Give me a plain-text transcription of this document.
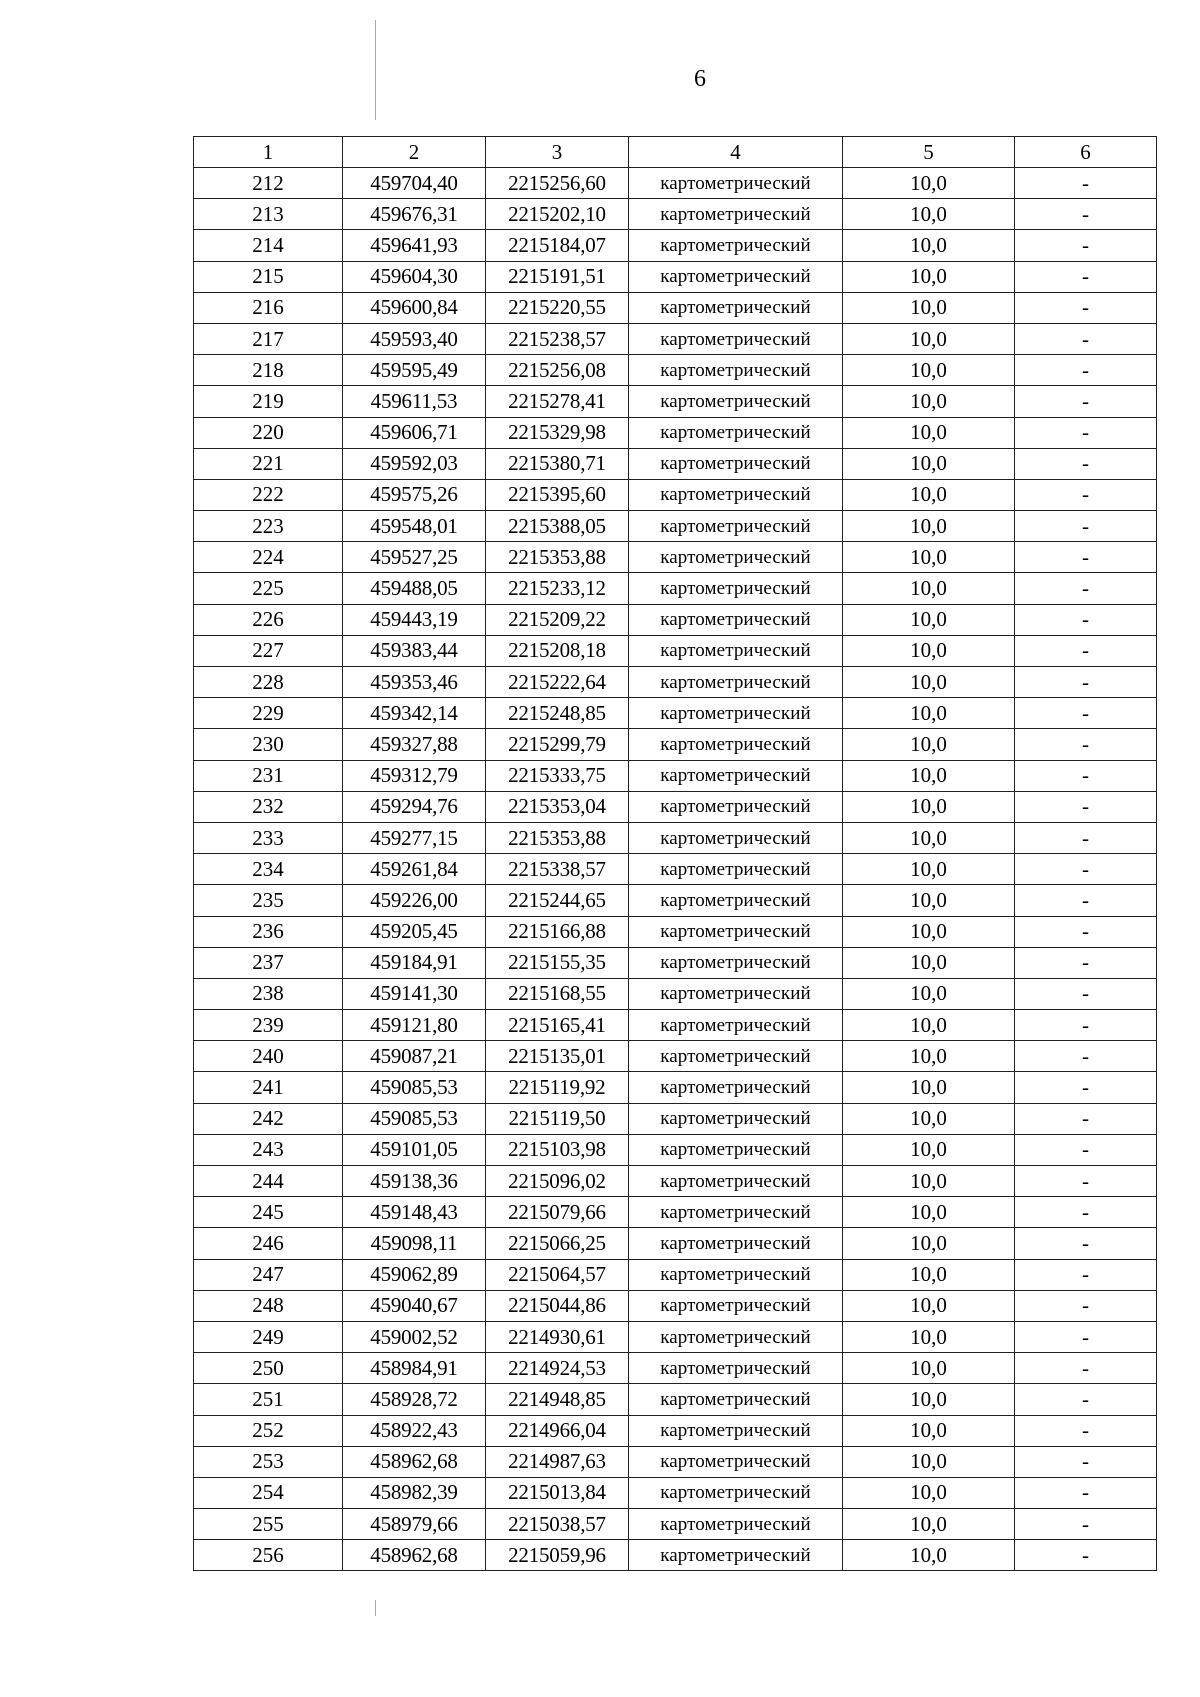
6
1	2	3	4	5	6
212	459704,40	2215256,60	картометрический	10,0	-
213	459676,31	2215202,10	картометрический	10,0	-
214	459641,93	2215184,07	картометрический	10,0	-
215	459604,30	2215191,51	картометрический	10,0	-
216	459600,84	2215220,55	картометрический	10,0	-
217	459593,40	2215238,57	картометрический	10,0	-
218	459595,49	2215256,08	картометрический	10,0	-
219	459611,53	2215278,41	картометрический	10,0	-
220	459606,71	2215329,98	картометрический	10,0	-
221	459592,03	2215380,71	картометрический	10,0	-
222	459575,26	2215395,60	картометрический	10,0	-
223	459548,01	2215388,05	картометрический	10,0	-
224	459527,25	2215353,88	картометрический	10,0	-
225	459488,05	2215233,12	картометрический	10,0	-
226	459443,19	2215209,22	картометрический	10,0	-
227	459383,44	2215208,18	картометрический	10,0	-
228	459353,46	2215222,64	картометрический	10,0	-
229	459342,14	2215248,85	картометрический	10,0	-
230	459327,88	2215299,79	картометрический	10,0	-
231	459312,79	2215333,75	картометрический	10,0	-
232	459294,76	2215353,04	картометрический	10,0	-
233	459277,15	2215353,88	картометрический	10,0	-
234	459261,84	2215338,57	картометрический	10,0	-
235	459226,00	2215244,65	картометрический	10,0	-
236	459205,45	2215166,88	картометрический	10,0	-
237	459184,91	2215155,35	картометрический	10,0	-
238	459141,30	2215168,55	картометрический	10,0	-
239	459121,80	2215165,41	картометрический	10,0	-
240	459087,21	2215135,01	картометрический	10,0	-
241	459085,53	2215119,92	картометрический	10,0	-
242	459085,53	2215119,50	картометрический	10,0	-
243	459101,05	2215103,98	картометрический	10,0	-
244	459138,36	2215096,02	картометрический	10,0	-
245	459148,43	2215079,66	картометрический	10,0	-
246	459098,11	2215066,25	картометрический	10,0	-
247	459062,89	2215064,57	картометрический	10,0	-
248	459040,67	2215044,86	картометрический	10,0	-
249	459002,52	2214930,61	картометрический	10,0	-
250	458984,91	2214924,53	картометрический	10,0	-
251	458928,72	2214948,85	картометрический	10,0	-
252	458922,43	2214966,04	картометрический	10,0	-
253	458962,68	2214987,63	картометрический	10,0	-
254	458982,39	2215013,84	картометрический	10,0	-
255	458979,66	2215038,57	картометрический	10,0	-
256	458962,68	2215059,96	картометрический	10,0	-
